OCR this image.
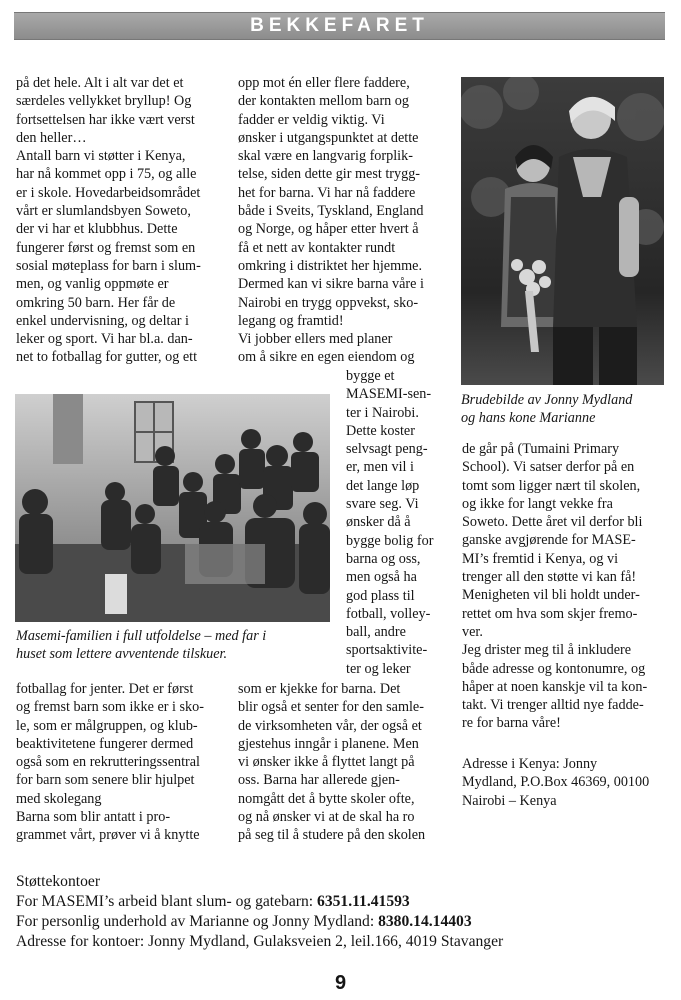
BEKKEFARET

på det hele. Alt i alt var det et
særdeles vellykket bryllup! Og
fortsettelsen har ikke vært verst
den heller…
Antall barn vi støtter i Kenya,
har nå kommet opp i 75, og alle
er i skole. Hovedarbeidsområdet
vårt er slumlandsbyen Soweto,
der vi har et klubbhus. Dette
fungerer først og fremst som en
sosial møteplass for barn i slum-
men, og vanlig oppmøte er
omkring 50 barn. Her får de
enkel undervisning, og deltar i
leker og sport. Vi har bl.a. dan-
net to fotballag for gutter, og ett

opp mot én eller flere faddere,
der kontakten mellom barn og
fadder er veldig viktig. Vi
ønsker i utgangspunktet at dette
skal være en langvarig forplik-
telse, siden dette gir mest trygg-
het for barna. Vi har nå faddere
både i Sveits, Tyskland, England
og Norge, og håper etter hvert å
få et nett av kontakter rundt
omkring i distriktet her hjemme.
Dermed kan vi sikre barna våre i
Nairobi en trygg oppvekst, sko-
legang og framtid!
Vi jobber ellers med planer
om å sikre en egen eiendom og

bygge et
MASEMI-sen-
ter i Nairobi.
Dette koster
selvsagt peng-
er, men vil i
det lange løp
svare seg. Vi
ønsker då å
bygge bolig for
barna og oss,
men også ha
god plass til
fotball, volley-
ball, andre
sportsaktivite-
ter og leker

Masemi-familien i full utfoldelse – med far i
huset som lettere avventende tilskuer.

fotballag for jenter. Det er først
og fremst barn som ikke er i sko-
le, som er målgruppen, og klub-
beaktivitetene fungerer dermed
også som en rekrutteringssentral
for barn som senere blir hjulpet
med skolegang
Barna som blir antatt i pro-
grammet vårt, prøver vi å knytte

som er kjekke for barna. Det
blir også et senter for den samle-
de virksomheten vår, der også et
gjestehus inngår i planene. Men
vi ønsker ikke å flyttet langt på
oss. Barna har allerede gjen-
nomgått det å bytte skoler ofte,
og nå ønsker vi at de skal ha ro
på seg til å studere på den skolen

Brudebilde av Jonny Mydland
og hans kone Marianne

de går på (Tumaini Primary
School). Vi satser derfor på en
tomt som ligger nært til skolen,
og ikke for langt vekke fra
Soweto. Dette året vil derfor bli
ganske avgjørende for MASE-
MI’s fremtid i Kenya, og vi
trenger all den støtte vi kan få!
Menigheten vil bli holdt under-
rettet om hva som skjer fremo-
ver.
Jeg drister meg til å inkludere
både adresse og kontonumre, og
håper at noen kanskje vil ta kon-
takt. Vi trenger alltid nye fadde-
re for barna våre!

Adresse i Kenya: Jonny
Mydland, P.O.Box 46369, 00100
Nairobi – Kenya

Støttekontoer

For MASEMI’s arbeid blant slum- og gatebarn: 6351.11.41593

For personlig underhold av Marianne og Jonny Mydland: 8380.14.14403

Adresse for kontoer: Jonny Mydland, Gulaksveien 2, leil.166, 4019 Stavanger

9
